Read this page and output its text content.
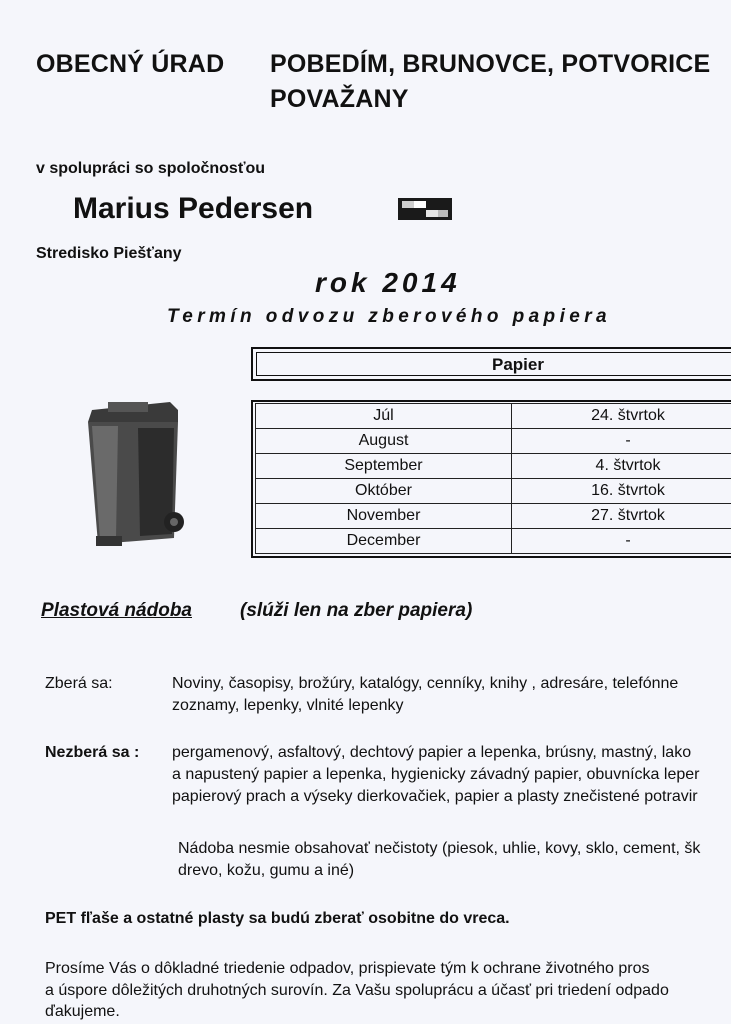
OBECNÝ ÚRAD POBEDÍM, BRUNOVCE, POTVORICE
POVAŽANY
v spolupráci so spoločnosťou
Marius Pedersen
Stredisko Piešťany
rok 2014
Termín odvozu zberového papiera
Papier
Júl	24. štvrtok
August	-
September	4. štvrtok
Október	16. štvrtok
November	27. štvrtok
December	-
Plastová nádoba	(slúži len na zber papiera)
Zberá sa:	Noviny, časopisy, brožúry, katalógy, cenníky, knihy , adresáre, telefónne
zoznamy, lepenky, vlnité lepenky
Nezberá sa : pergamenový, asfaltový, dechtový papier a lepenka, brúsny, mastný, lako
a napustený papier a lepenka, hygienicky závadný papier, obuvnícka leper
papierový prach a výseky dierkovačiek, papier a plasty znečistené potravir
Nádoba nesmie obsahovať nečistoty (piesok, uhlie, kovy, sklo, cement, šk
drevo, kožu, gumu a iné)
PET fľaše a ostatné plasty sa budú zberať osobitne do vreca.
Prosíme Vás o dôkladné triedenie odpadov, prispievate tým k ochrane životného pros
a úspore dôležitých druhotných surovín. Za Vašu spoluprácu a účasť pri triedení odpado
ďakujeme.
